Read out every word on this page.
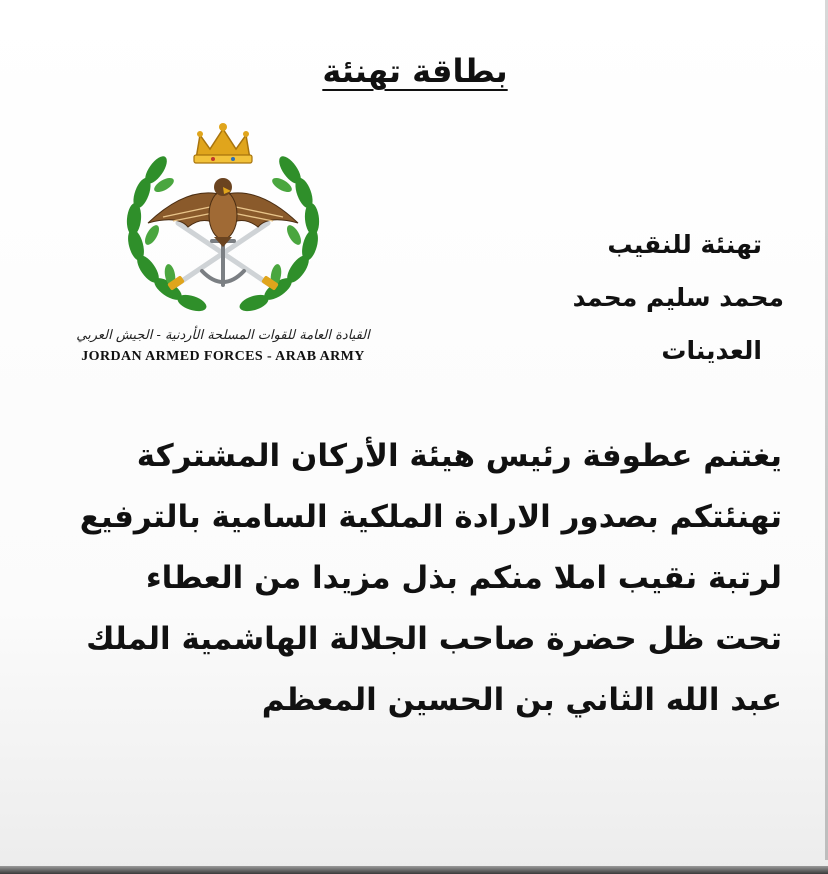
بطاقة تهنئة
القيادة العامة للقوات المسلحة الأردنية - الجيش العربي
JORDAN ARMED FORCES - ARAB ARMY
تهنئة للنقيب
محمد سليم محمد
العدينات
يغتنم عطوفة رئيس هيئة الأركان المشتركة
تهنئتكم بصدور الارادة الملكية السامية بالترفيع
لرتبة نقيب املا منكم بذل مزيدا من العطاء
تحت ظل حضرة صاحب الجلالة الهاشمية الملك
عبد الله الثاني بن الحسين المعظم
